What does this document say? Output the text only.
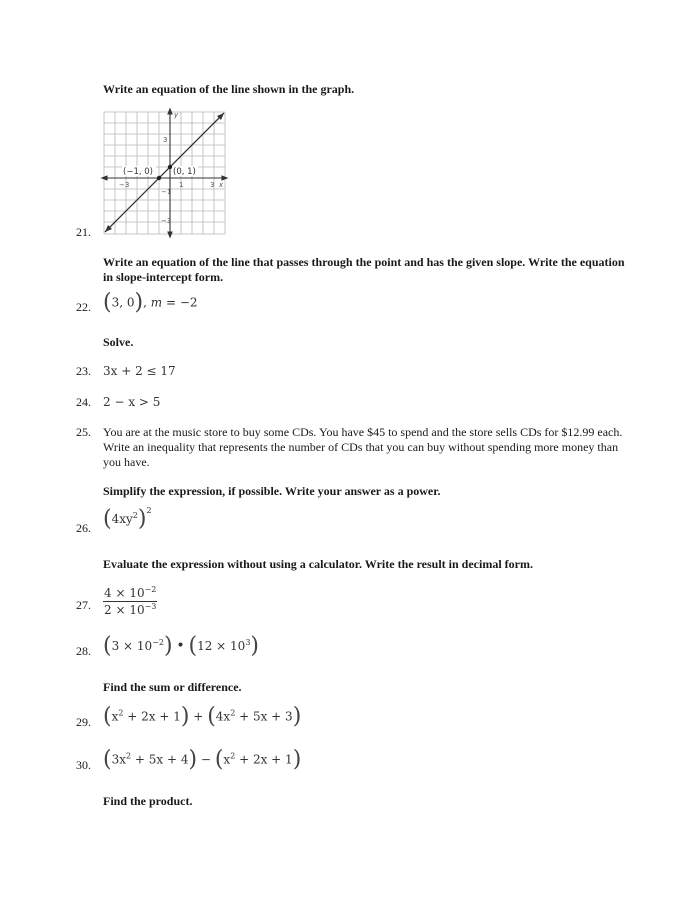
Write an equation of the line shown in the graph.
y
x
3
1	3
−3
−1
−3
(−1, 0) (0, 1)
21.
Write an equation of the line that passes through the point and has the given slope. Write the equation
in slope-intercept form.
22. (3, 0), m = −2
Solve.
23. 3x + 2 ≤ 17
24. 2 − x > 5
25. You are at the music store to buy some CDs. You have $45 to spend and the store sells CDs for $12.99 each.
Write an inequality that represents the number of CDs that you can buy without spending more money than
you have.
Simplify the expression, if possible. Write your answer as a power.
26. $(4xy^2)^2$
Evaluate the expression without using a calculator. Write the result in decimal form.
27. $\frac{4 \times 10^{-2}}{2 \times 10^{-3}}$
28. $(3 \times 10^{-2})$ • $(12 \times 10^3)$
Find the sum or difference.
29. $(x^2 + 2x + 1) + (4x^2 + 5x + 3)$
30. $(3x^2 + 5x + 4) - (x^2 + 2x + 1)$
Find the product.
